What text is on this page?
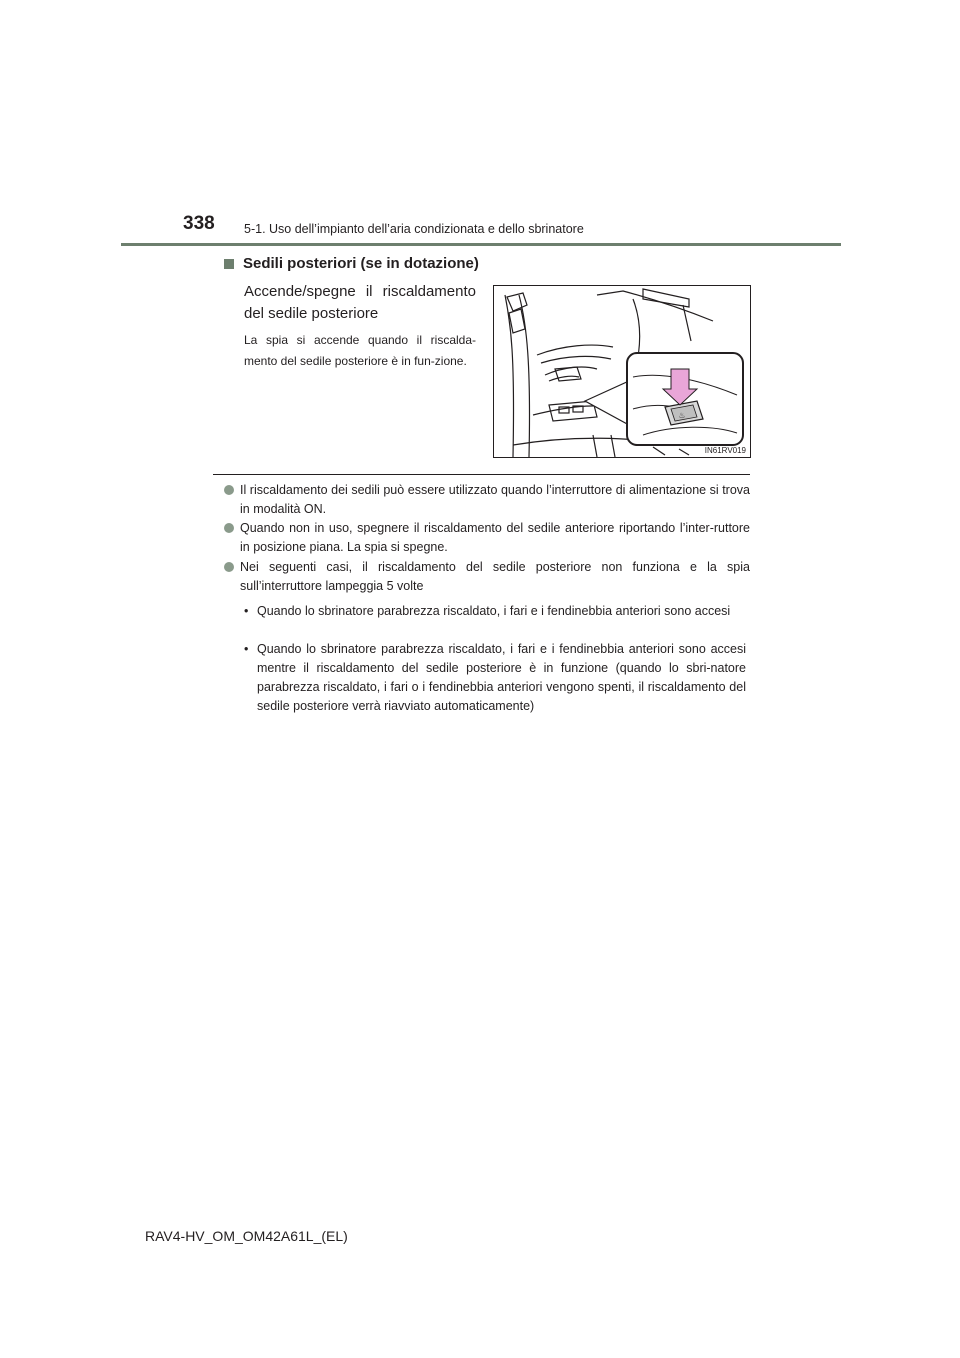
338 5-1. Uso dell’impianto dell’aria condizionata e dello sbrinatore
Sedili posteriori (se in dotazione)
Accende/spegne il riscaldamento del sedile posteriore
La spia si accende quando il riscalda-mento del sedile posteriore è in fun-zione.
♨
IN61RV019
Il riscaldamento dei sedili può essere utilizzato quando l’interruttore di alimentazione si trova in modalità ON.
Quando non in uso, spegnere il riscaldamento del sedile anteriore riportando l’inter-ruttore in posizione piana. La spia si spegne.
Nei seguenti casi, il riscaldamento del sedile posteriore non funziona e la spia sull’interruttore lampeggia 5 volte
• Quando lo sbrinatore parabrezza riscaldato, i fari e i fendinebbia anteriori sono accesi
• Quando lo sbrinatore parabrezza riscaldato, i fari e i fendinebbia anteriori sono accesi mentre il riscaldamento del sedile posteriore è in funzione (quando lo sbri-natore parabrezza riscaldato, i fari o i fendinebbia anteriori vengono spenti, il riscaldamento del sedile posteriore verrà riavviato automaticamente)
RAV4-HV_OM_OM42A61L_(EL)
